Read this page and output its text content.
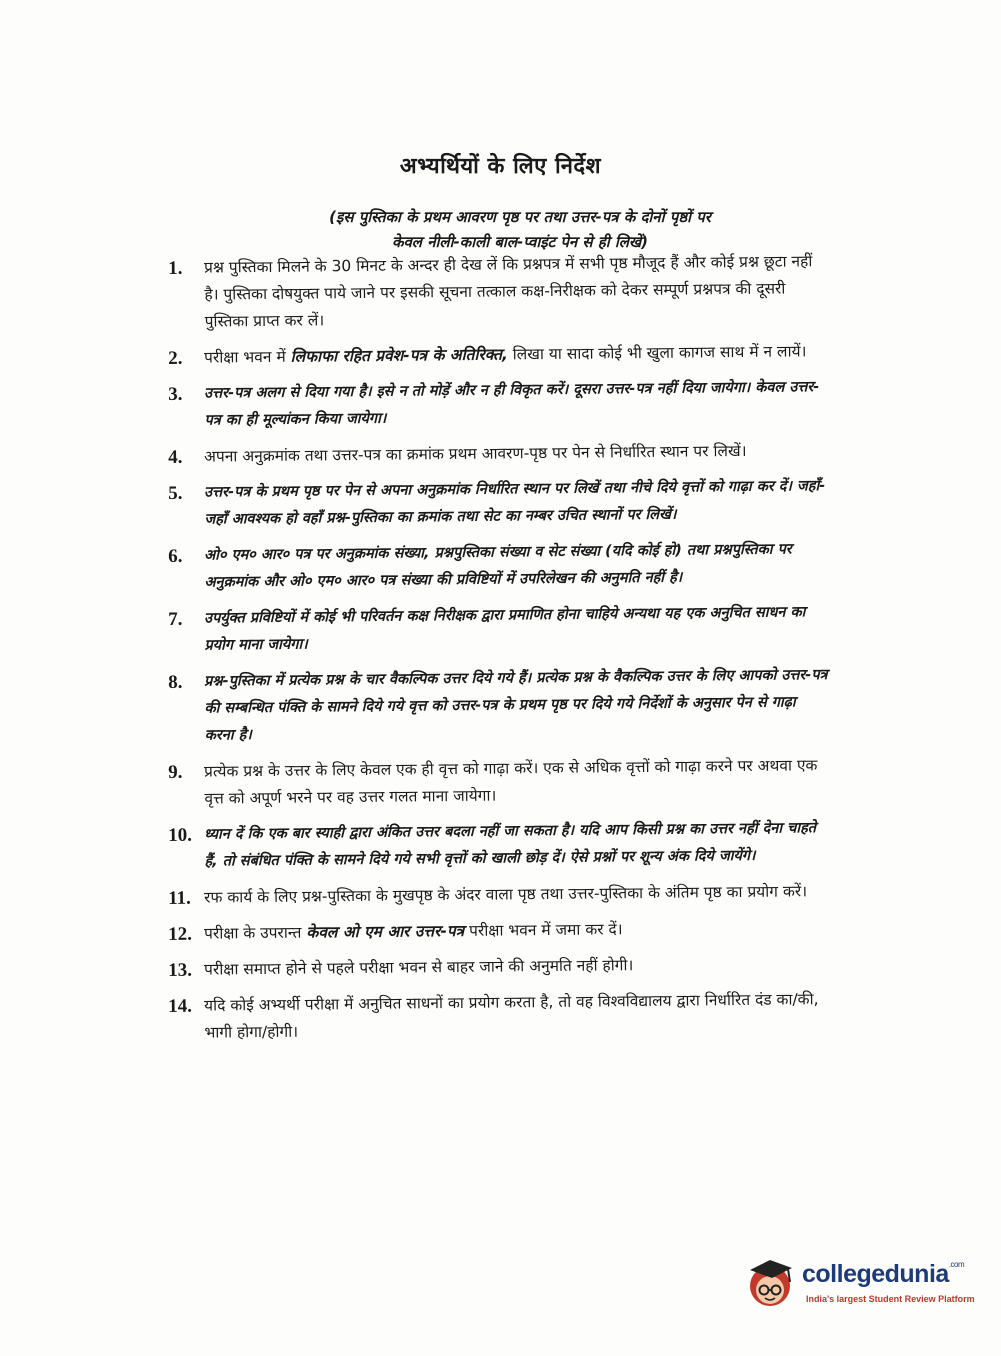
अभ्यर्थियों के लिए निर्देश
(इस पुस्तिका के प्रथम आवरण पृष्ठ पर तथा उत्तर-पत्र के दोनों पृष्ठों पर
केवल नीली-काली बाल-प्वाइंट पेन से ही लिखें)
1.	प्रश्न पुस्तिका मिलने के 30 मिनट के अन्दर ही देख लें कि प्रश्नपत्र में सभी पृष्ठ मौजूद हैं और कोई प्रश्न छूटा नहीं है। पुस्तिका दोषयुक्त पाये जाने पर इसकी सूचना तत्काल कक्ष-निरीक्षक को देकर सम्पूर्ण प्रश्नपत्र की दूसरी पुस्तिका प्राप्त कर लें।
2.	परीक्षा भवन में लिफाफा रहित प्रवेश-पत्र के अतिरिक्त, लिखा या सादा कोई भी खुला कागज साथ में न लायें।
3.	उत्तर-पत्र अलग से दिया गया है। इसे न तो मोड़ें और न ही विकृत करें। दूसरा उत्तर-पत्र नहीं दिया जायेगा। केवल उत्तर-पत्र का ही मूल्यांकन किया जायेगा।
4.	अपना अनुक्रमांक तथा उत्तर-पत्र का क्रमांक प्रथम आवरण-पृष्ठ पर पेन से निर्धारित स्थान पर लिखें।
5.	उत्तर-पत्र के प्रथम पृष्ठ पर पेन से अपना अनुक्रमांक निर्धारित स्थान पर लिखें तथा नीचे दिये वृत्तों को गाढ़ा कर दें। जहाँ-जहाँ आवश्यक हो वहाँ प्रश्न-पुस्तिका का क्रमांक तथा सेट का नम्बर उचित स्थानों पर लिखें।
6.	ओ० एम० आर० पत्र पर अनुक्रमांक संख्या, प्रश्नपुस्तिका संख्या व सेट संख्या (यदि कोई हो) तथा प्रश्नपुस्तिका पर अनुक्रमांक और ओ० एम० आर० पत्र संख्या की प्रविष्टियों में उपरिलेखन की अनुमति नहीं है।
7.	उपर्युक्त प्रविष्टियों में कोई भी परिवर्तन कक्ष निरीक्षक द्वारा प्रमाणित होना चाहिये अन्यथा यह एक अनुचित साधन का प्रयोग माना जायेगा।
8.	प्रश्न-पुस्तिका में प्रत्येक प्रश्न के चार वैकल्पिक उत्तर दिये गये हैं। प्रत्येक प्रश्न के वैकल्पिक उत्तर के लिए आपको उत्तर-पत्र की सम्बन्धित पंक्ति के सामने दिये गये वृत्त को उत्तर-पत्र के प्रथम पृष्ठ पर दिये गये निर्देशों के अनुसार पेन से गाढ़ा करना है।
9.	प्रत्येक प्रश्न के उत्तर के लिए केवल एक ही वृत्त को गाढ़ा करें। एक से अधिक वृत्तों को गाढ़ा करने पर अथवा एक वृत्त को अपूर्ण भरने पर वह उत्तर गलत माना जायेगा।
10. ध्यान दें कि एक बार स्याही द्वारा अंकित उत्तर बदला नहीं जा सकता है। यदि आप किसी प्रश्न का उत्तर नहीं देना चाहते हैं, तो संबंधित पंक्ति के सामने दिये गये सभी वृत्तों को खाली छोड़ दें। ऐसे प्रश्नों पर शून्य अंक दिये जायेंगे।
11. रफ कार्य के लिए प्रश्न-पुस्तिका के मुखपृष्ठ के अंदर वाला पृष्ठ तथा उत्तर-पुस्तिका के अंतिम पृष्ठ का प्रयोग करें।
12. परीक्षा के उपरान्त केवल ओ एम आर उत्तर-पत्र परीक्षा भवन में जमा कर दें।
13. परीक्षा समाप्त होने से पहले परीक्षा भवन से बाहर जाने की अनुमति नहीं होगी।
14. यदि कोई अभ्यर्थी परीक्षा में अनुचित साधनों का प्रयोग करता है, तो वह विश्वविद्यालय द्वारा निर्धारित दंड का/की, भागी होगा/होगी।
collegedunia$^{.com}$
India's largest Student Review Platform
